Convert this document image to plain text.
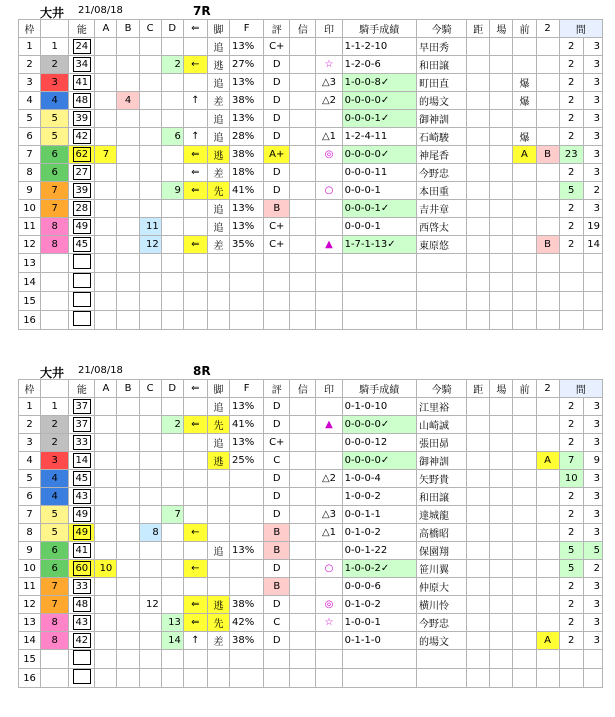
大井 21/08/18	7R
枠		能	A	B	C	D	⇐	脚	F	評	信	印	騎手成績	今騎	距	場	前	2	間	
1	1	24						追	13%	C+			1-1-2-10	早田秀					2	3
2	2	34				2	←	逃	27%	D		☆	1-2-0-6	和田譲					2	3
3	3	41						追	13%	D		△3	1-0-0-8✓	町田直			爆		2	3
4	4	48		4			↑	差	38%	D		△2	0-0-0-0✓	的場文			爆		2	3
5	5	39						追	13%	D			0-0-0-1✓	御神訓					2	3
6	5	42				6	↑	追	28%	D		△1	1-2-4-11	石崎駿			爆		2	3
7	6	62	7				⇐	逃	38%	A+		◎	0-0-0-0✓	神尾香			A	B	23	3
8	6	27					⇐	差	18%	D			0-0-0-11	今野忠					2	3
9	7	39				9	⇐	先	41%	D		○	0-0-0-1	本田重					5	2
10	7	28						追	13%	B			0-0-0-1✓	吉井章					2	3
11	8	49			11			追	13%	C+			0-0-0-1	西啓太					2	19
12	8	45			12		⇐	差	35%	C+		▲	1-7-1-13✓	東原悠				B	2	14
13																				
14																				
15																				
16																				
大井 21/08/18	8R
枠		能	A	B	C	D	⇐	脚	F	評	信	印	騎手成績	今騎	距	場	前	2	間	
1	1	37						追	13%	D			0-1-0-10	江里裕					2	3
2	2	37				2	⇐	先	41%	D		▲	0-0-0-0✓	山崎誠					2	3
3	2	33						追	13%	C+			0-0-0-12	張田昴					2	3
4	3	14						逃	25%	C			0-0-0-0✓	御神訓				A	7	9
5	4	45								D		△2	1-0-0-4	矢野貴					10	3
6	4	43								D			1-0-0-2	和田譲					2	3
7	5	49				7				D		△3	0-0-1-1	達城龍					2	3
8	5	49			8		←			B		△1	0-1-0-2	高橋昭					2	3
9	6	41						追	13%	B			0-0-1-22	保園翔					5	5
10	6	60	10				←			D		○	1-0-0-2✓	笹川翼					5	2
11	7	33								B			0-0-0-6	仲原大					2	3
12	7	48			12		⇐	逃	38%	D		◎	0-1-0-2	横川怜					2	3
13	8	43				13	⇐	先	42%	C		☆	1-0-0-1	今野忠					2	3
14	8	42				14	↑	差	38%	D			0-1-1-0	的場文				A	2	3
15																				
16																				
